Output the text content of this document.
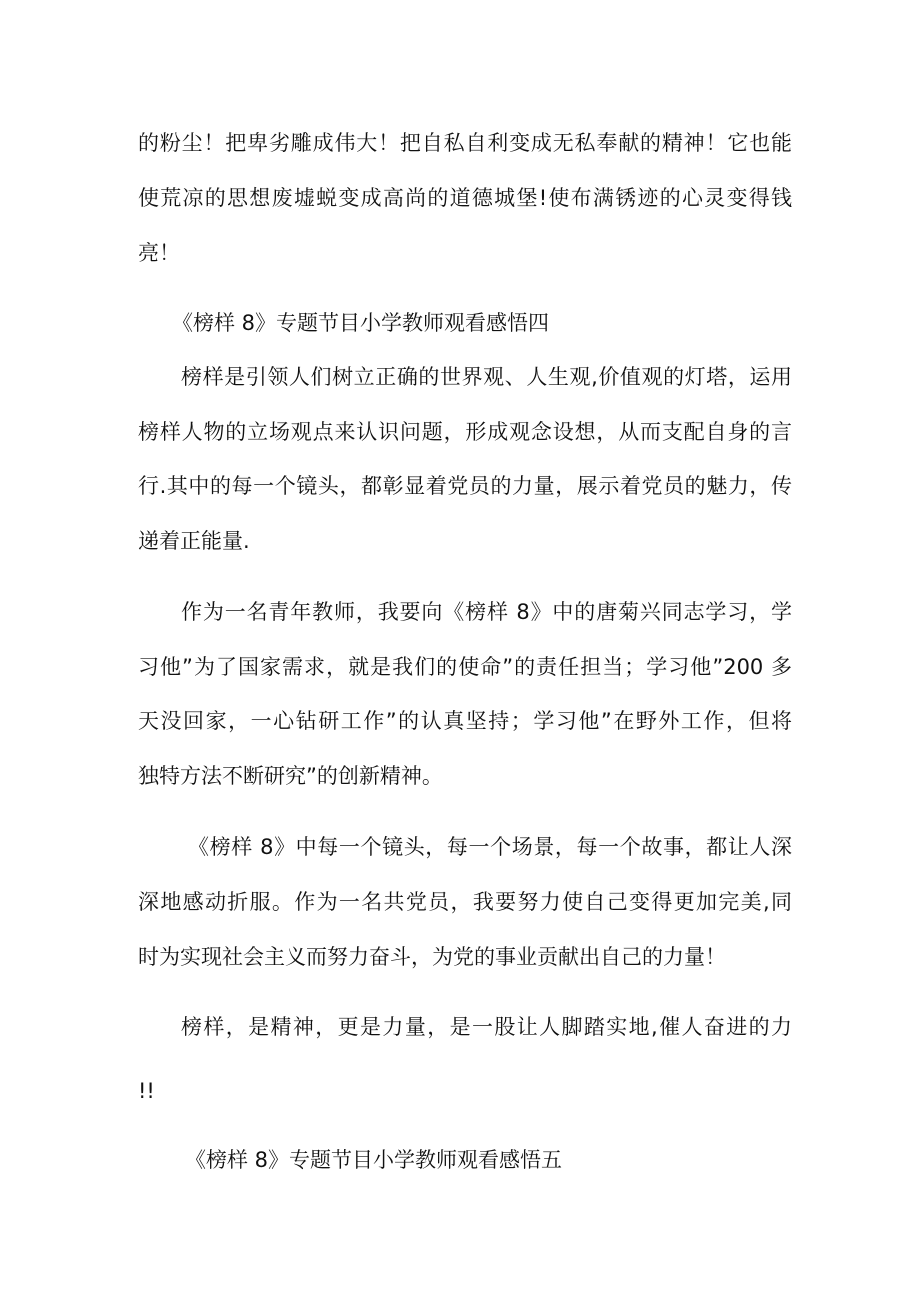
的粉尘！把卑劣雕成伟大！把自私自利变成无私奉献的精神！它也能
使荒凉的思想废墟蜕变成高尚的道德城堡!使布满锈迹的心灵变得钱
亮！
《榜样 8》专题节目小学教师观看感悟四
榜样是引领人们树立正确的世界观、人生观,价值观的灯塔，运用
榜样人物的立场观点来认识问题，形成观念设想，从而支配自身的言
行.其中的每一个镜头，都彰显着党员的力量，展示着党员的魅力，传
递着正能量.
作为一名青年教师，我要向《榜样 8》中的唐菊兴同志学习，学
习他”为了国家需求，就是我们的使命”的责任担当；学习他”200 多
天没回家，一心钻研工作”的认真坚持；学习他”在野外工作，但将
独特方法不断研究”的创新精神。
《榜样 8》中每一个镜头，每一个场景，每一个故事，都让人深
深地感动折服。作为一名共党员，我要努力使自己变得更加完美,同
时为实现社会主义而努力奋斗，为党的事业贡献出自己的力量！
榜样，是精神，更是力量，是一股让人脚踏实地,催人奋进的力
!!
《榜样 8》专题节目小学教师观看感悟五
